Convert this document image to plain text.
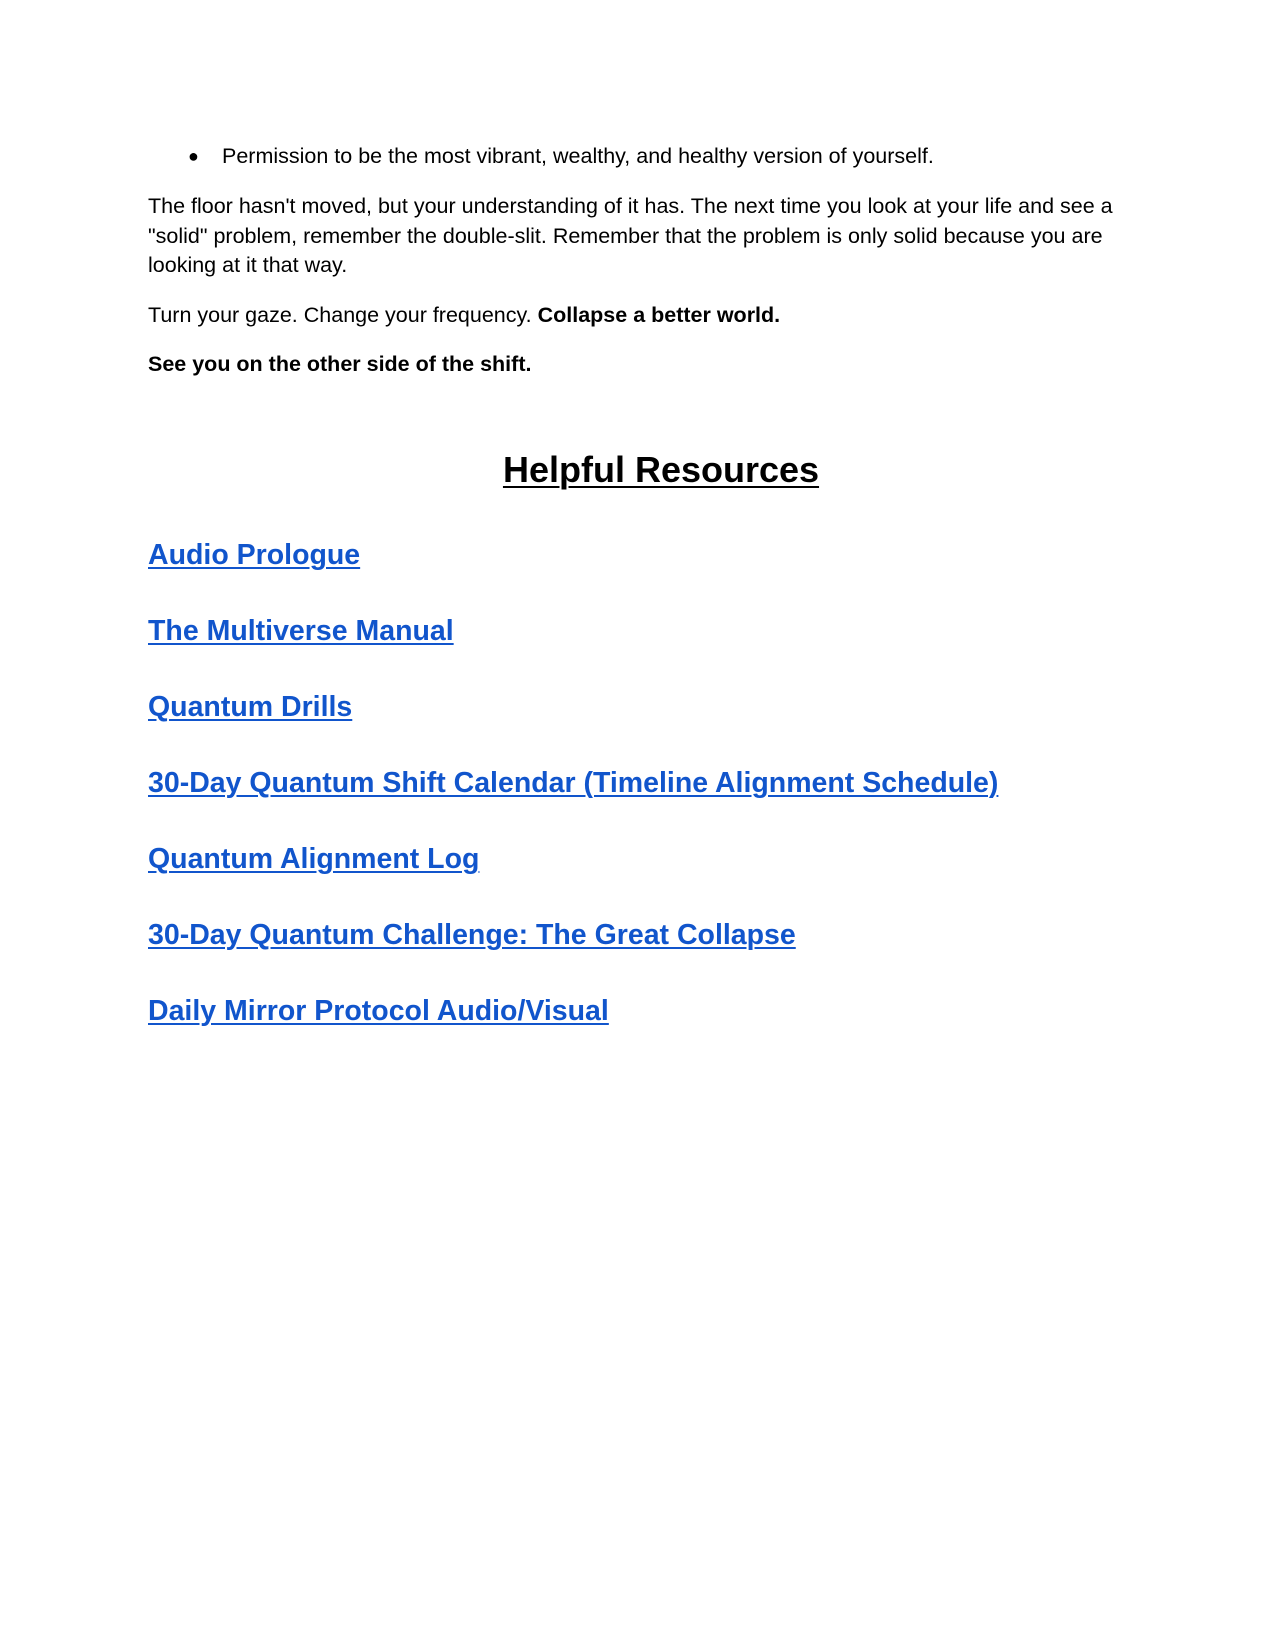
● Permission to be the most vibrant, wealthy, and healthy version of yourself.

The floor hasn't moved, but your understanding of it has. The next time you look at your life and see a "solid" problem, remember the double-slit. Remember that the problem is only solid because you are looking at it that way.

Turn your gaze. Change your frequency. Collapse a better world.

See you on the other side of the shift.

Helpful Resources
Audio Prologue
The Multiverse Manual
Quantum Drills
30-Day Quantum Shift Calendar (Timeline Alignment Schedule)
Quantum Alignment Log
30-Day Quantum Challenge: The Great Collapse
Daily Mirror Protocol Audio/Visual
